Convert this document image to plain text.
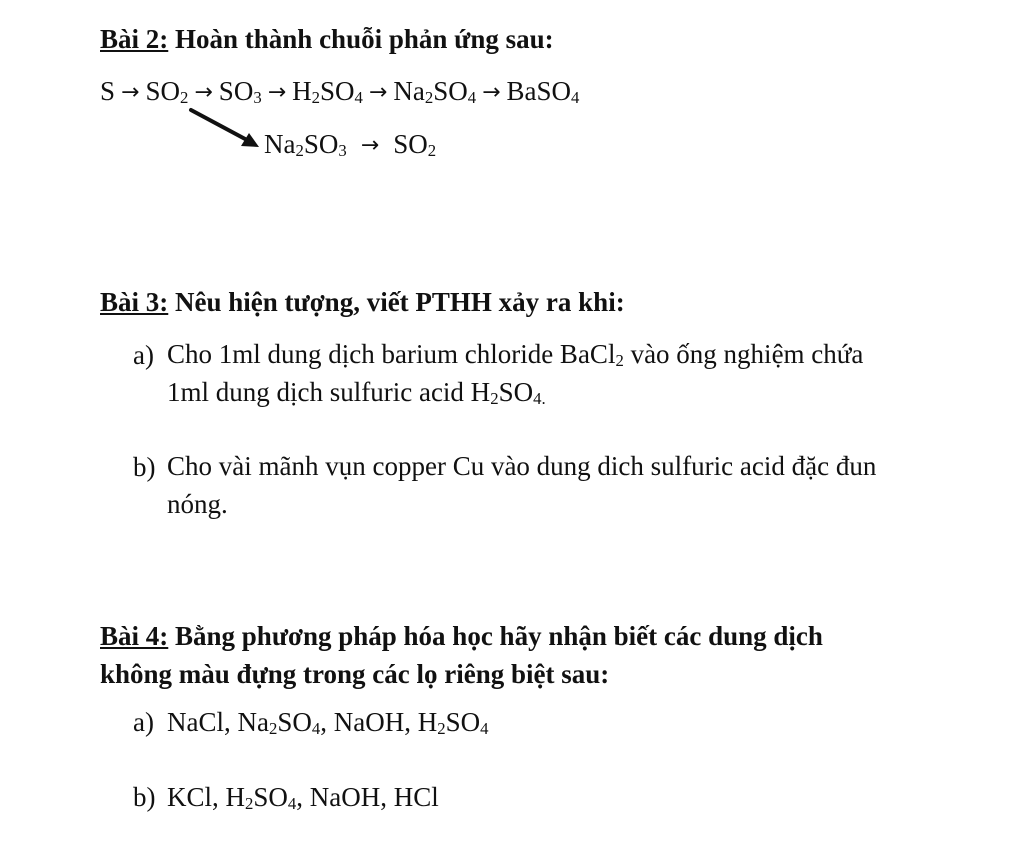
Bài 2: Hoàn thành chuỗi phản ứng sau:
$S \to SO_2 \to SO_3 \to H_2SO_4 \to Na_2SO_4$ → BaSO$_4$
$Na_2SO_3 \to SO_2$
Bài 3: Nêu hiện tượng, viết PTHH xảy ra khi:
a) Cho 1ml dung dịch barium chloride BaCl$_2$ vào ống nghiệm chứa
1ml dung dịch sulfuric acid $H_2SO_{4.}$
b) Cho vài mãnh vụn copper Cu vào dung dich sulfuric acid đặc đun
nóng.
Bài 4: Bằng phương pháp hóa học hãy nhận biết các dung dịch
không màu đựng trong các lọ riêng biệt sau:
a) NaCl, $Na_2SO_4$, NaOH, $H_2SO_4$
b) KCl, $H_2SO_4$, NaOH, HCl
